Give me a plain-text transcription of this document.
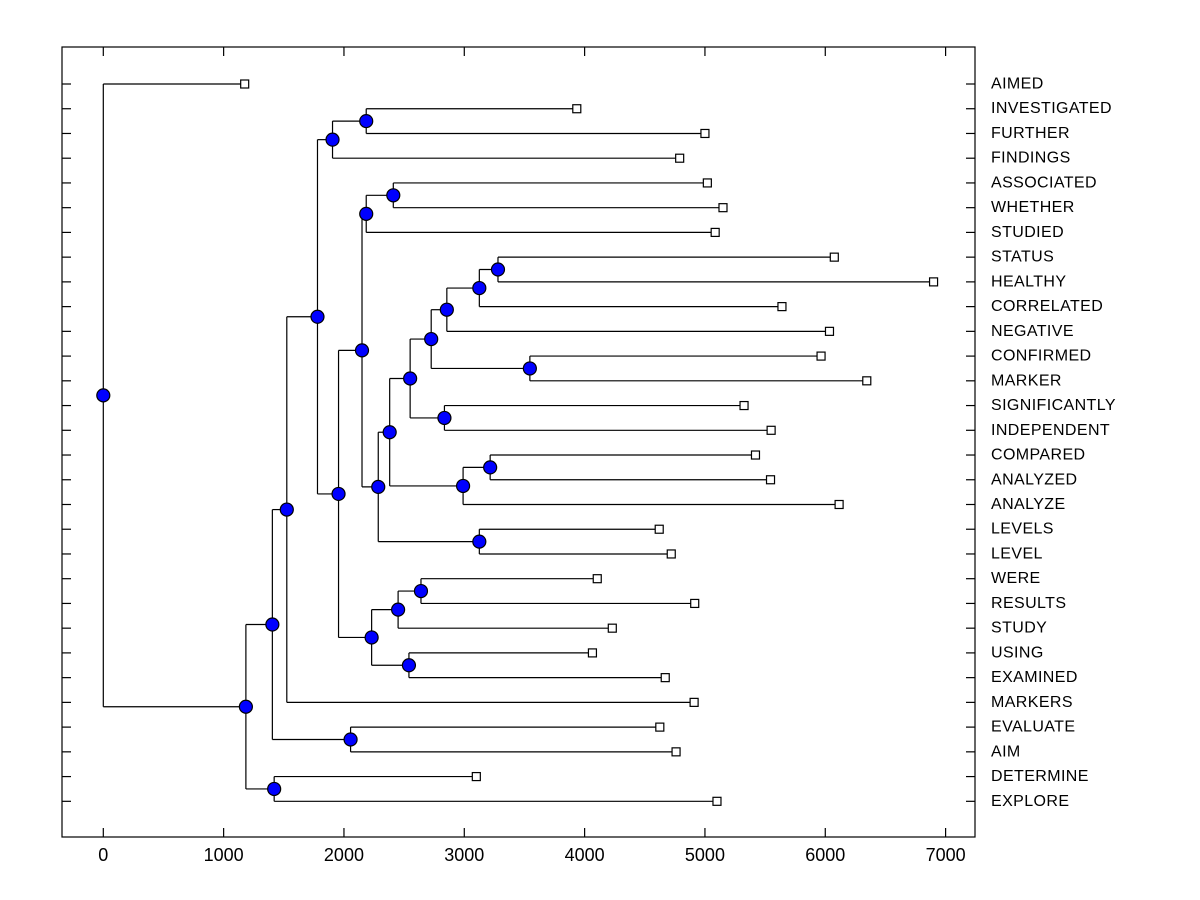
0	1000	2000	3000	4000	5000	6000	7000
AIMED
INVESTIGATED
FURTHER
FINDINGS
ASSOCIATED
WHETHER
STUDIED
STATUS
HEALTHY
CORRELATED
NEGATIVE
CONFIRMED
MARKER
SIGNIFICANTLY
INDEPENDENT
COMPARED
ANALYZED
ANALYZE
LEVELS
LEVEL
WERE
RESULTS
STUDY
USING
EXAMINED
MARKERS
EVALUATE
AIM
DETERMINE
EXPLORE
